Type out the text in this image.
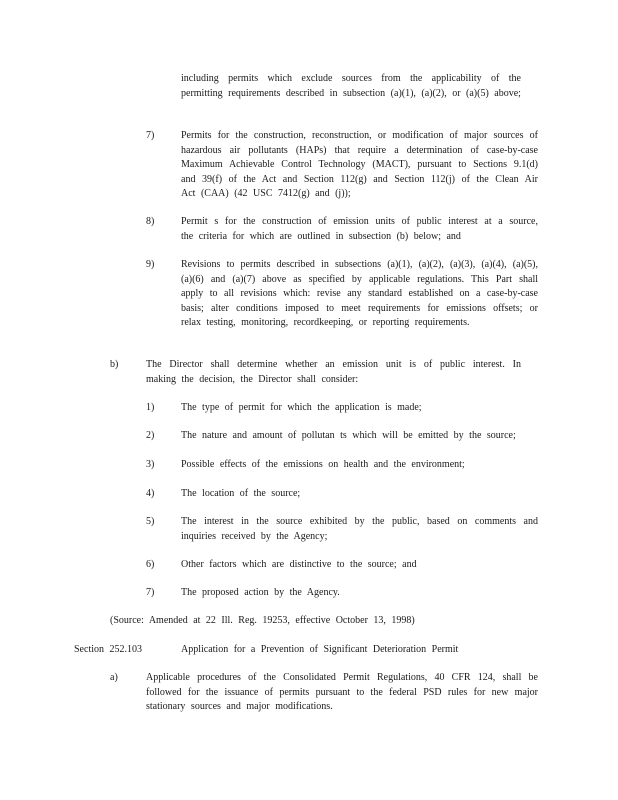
including permits which exclude sources from the applicability of the permitting requirements described in subsection (a)(1), (a)(2), or (a)(5) above;
7)	Permits for the construction, reconstruction, or modification of major sources of hazardous air pollutants (HAPs) that require a determination of case-by-case Maximum Achievable Control Technology (MACT), pursuant to Sections 9.1(d) and 39(f) of the Act and Section 112(g) and Section 112(j) of the Clean Air Act (CAA) (42 USC 7412(g) and (j));
8)	Permit s for the construction of emission units of public interest at a source, the criteria for which are outlined in subsection (b) below; and
9)	Revisions to permits described in subsections (a)(1), (a)(2), (a)(3), (a)(4), (a)(5), (a)(6) and (a)(7) above as specified by applicable regulations. This Part shall apply to all revisions which: revise any standard established on a case-by-case basis; alter conditions imposed to meet requirements for emissions offsets; or relax testing, monitoring, recordkeeping, or reporting requirements.
b)	The Director shall determine whether an emission unit is of public interest. In making the decision, the Director shall consider:
1)	The type of permit for which the application is made;
2)	The nature and amount of pollutan ts which will be emitted by the source;
3)	Possible effects of the emissions on health and the environment;
4)	The location of the source;
5)	The interest in the source exhibited by the public, based on comments and inquiries received by the Agency;
6)	Other factors which are distinctive to the source; and
7)	The proposed action by the Agency.
(Source: Amended at 22 Ill. Reg. 19253, effective October 13, 1998)
Section 252.103	Application for a Prevention of Significant Deterioration Permit
a)	Applicable procedures of the Consolidated Permit Regulations, 40 CFR 124, shall be followed for the issuance of permits pursuant to the federal PSD rules for new major stationary sources and major modifications.
